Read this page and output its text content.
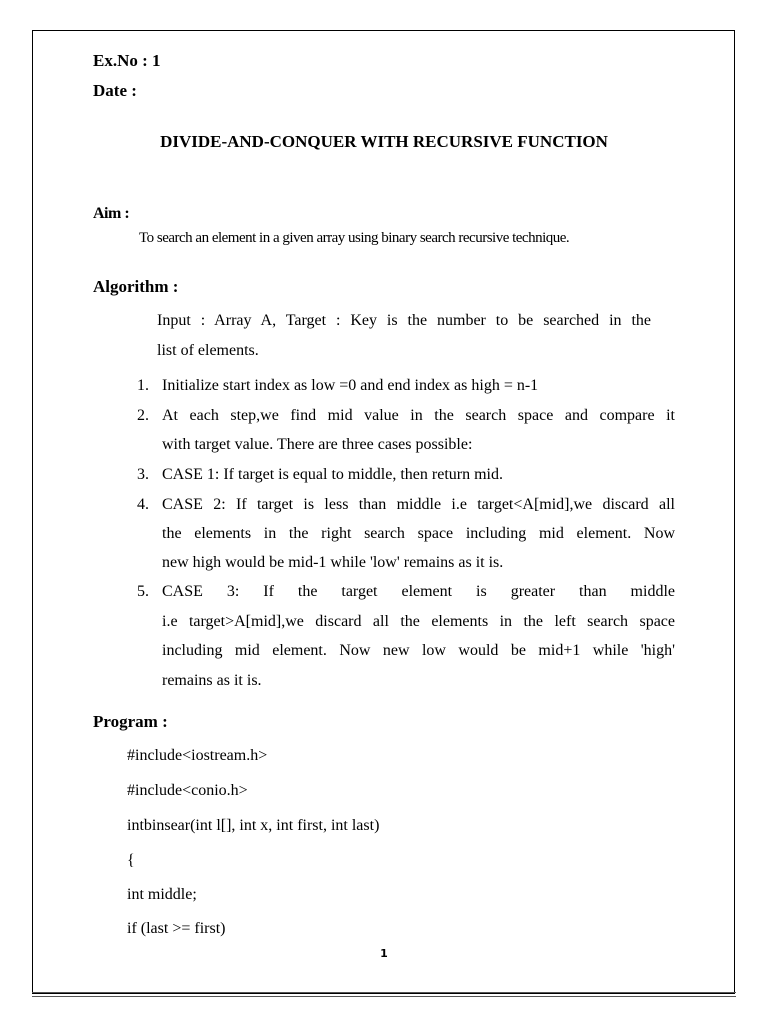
Ex.No : 1
Date :
DIVIDE-AND-CONQUER WITH RECURSIVE FUNCTION
Aim :
To search an element in a given array using binary search recursive technique.
Algorithm :
Input : Array A, Target : Key is the number to be searched in the
list of elements.
1. Initialize start index as low =0 and end index as high = n-1
2. At each step,we find mid value in the search space and compare it
with target value. There are three cases possible:
3. CASE 1: If target is equal to middle, then return mid.
4. CASE 2: If target is less than middle i.e target<A[mid],we discard all
the elements in the right search space including mid element. Now
new high would be mid-1 while 'low' remains as it is.
5. CASE 3: If the target element is greater than middle
i.e target>A[mid],we discard all the elements in the left search space
including mid element. Now new low would be mid+1 while 'high'
remains as it is.
Program :
#include<iostream.h>
#include<conio.h>
intbinsear(int l[], int x, int first, int last)
{
int middle;
if (last >= first)
1
